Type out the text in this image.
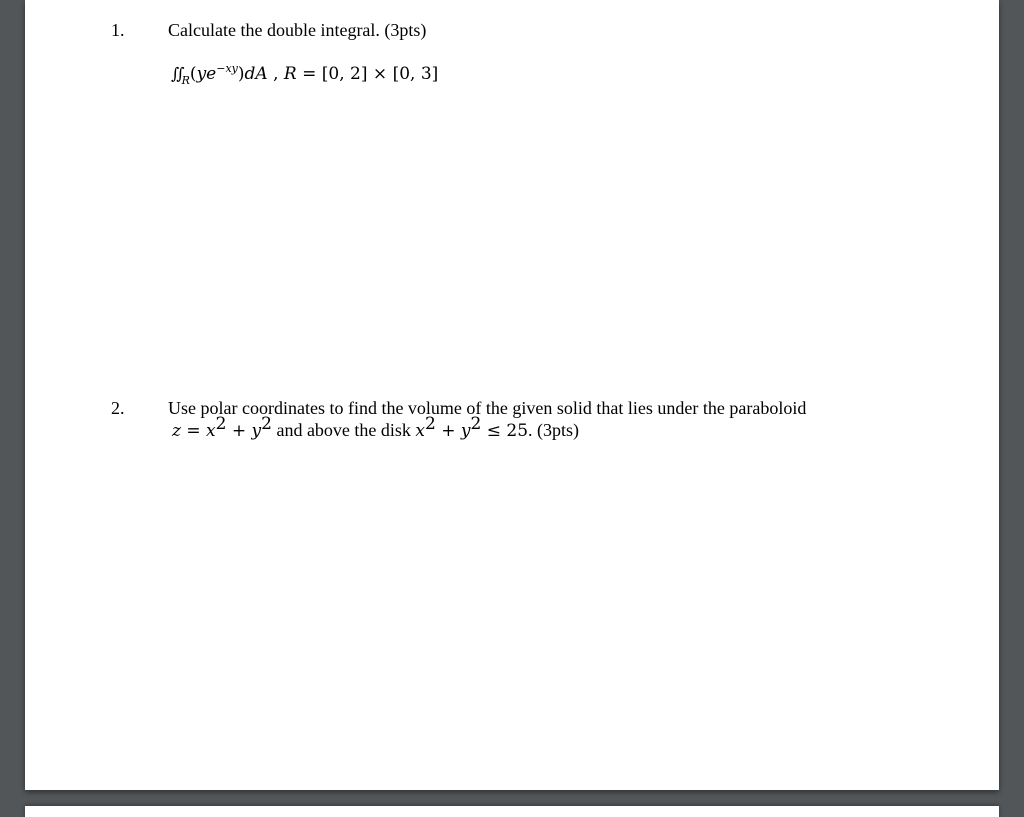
1. Calculate the double integral. (3pts)
$∬_R(ye^{-xy})dA$ , R = [0, 2] × [0, 3]
2. Use polar coordinates to find the volume of the given solid that lies under the paraboloid
$z = x^2 + y^2$ and above the disk $x^2 + y^2 \le 25$. (3pts)
